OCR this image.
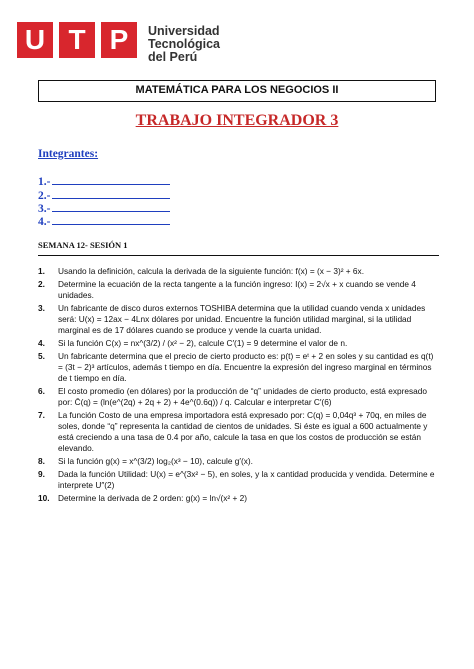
U T P	Universidad
Tecnológica
del Perú
MATEMÁTICA PARA LOS NEGOCIOS II
TRABAJO INTEGRADOR 3
Integrantes:
1.-
2.-
3.-
4.-
SEMANA 12- SESIÓN 1
1.	Usando la definición, calcula la derivada de la siguiente función: f(x) = (x − 3)² + 6x.
2.	Determine la ecuación de la recta tangente a la función ingreso: I(x) = 2√x + x cuando se vende 4 unidades.
3.	Un fabricante de disco duros externos TOSHIBA determina que la utilidad cuando venda x unidades será: U(x) = 12ax − 4Lnx dólares por unidad. Encuentre la función utilidad marginal, si la utilidad marginal es de 17 dólares cuando se produce y vende la cuarta unidad.
4.	Si la función C(x) = nx^(3/2) / (x² − 2), calcule C′(1) = 9 determine el valor de n.
5.	Un fabricante determina que el precio de cierto producto es: p(t) = eᵗ + 2 en soles y su cantidad es q(t) = (3t − 2)³ artículos, además t tiempo en día. Encuentre la expresión del ingreso marginal en términos de t tiempo en día.
6.	El costo promedio (en dólares) por la producción de “q” unidades de cierto producto, está expresado por: C̄(q) = (ln(e^(2q) + 2q + 2) + 4e^(0.6q)) / q. Calcular e interpretar C′(6)
7.	La función Costo de una empresa importadora está expresado por: C(q) = 0,04q³ + 70q, en miles de soles, donde “q” representa la cantidad de cientos de unidades. Si éste es igual a 600 actualmente y está creciendo a una tasa de 0.4 por año, calcule la tasa en que los costos de producción se están elevando.
8.	Si la función g(x) = x^(3/2) log₂(x³ − 10), calcule g′(x).
9.	Dada la función Utilidad: U(x) = e^(3x² − 5), en soles, y la x cantidad producida y vendida. Determine e interprete U″(2)
10.	Determine la derivada de 2 orden: g(x) = ln√(x² + 2)
